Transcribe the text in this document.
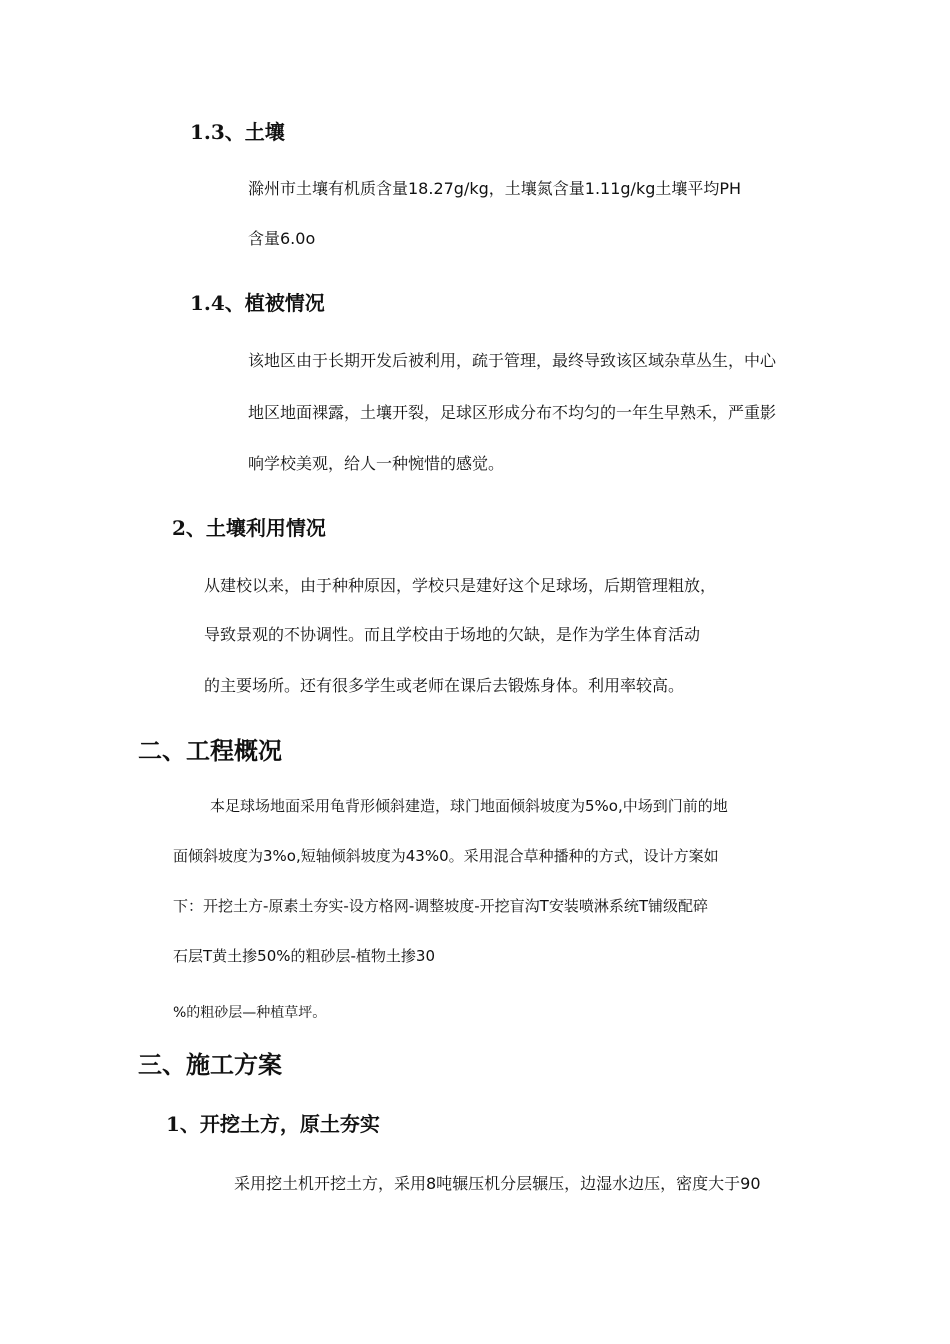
1.3、土壤
滁州市土壤有机质含量18.27g/kg，土壤氮含量1.11g/kg土壤平均PH
含量6.0o
1.4、植被情况
该地区由于长期开发后被利用，疏于管理，最终导致该区域杂草丛生，中心
地区地面裸露，土壤开裂，足球区形成分布不均匀的一年生早熟禾，严重影
响学校美观，给人一种惋惜的感觉。
2、土壤利用情况
从建校以来，由于种种原因，学校只是建好这个足球场，后期管理粗放，
导致景观的不协调性。而且学校由于场地的欠缺，是作为学生体育活动
的主要场所。还有很多学生或老师在课后去锻炼身体。利用率较高。
二、工程概况
本足球场地面采用龟背形倾斜建造，球门地面倾斜坡度为5%o,中场到门前的地
面倾斜坡度为3%o,短轴倾斜坡度为43%0。采用混合草种播种的方式，设计方案如
下：开挖土方-原素土夯实-设方格网-调整坡度-开挖盲沟T安装喷淋系统T铺级配碎
石层T黄土掺50%的粗砂层-植物土掺30
%的粗砂层—种植草坪。
三、施工方案
1、开挖土方，原土夯实
采用挖土机开挖土方，采用8吨辗压机分层辗压，边湿水边压，密度大于90
